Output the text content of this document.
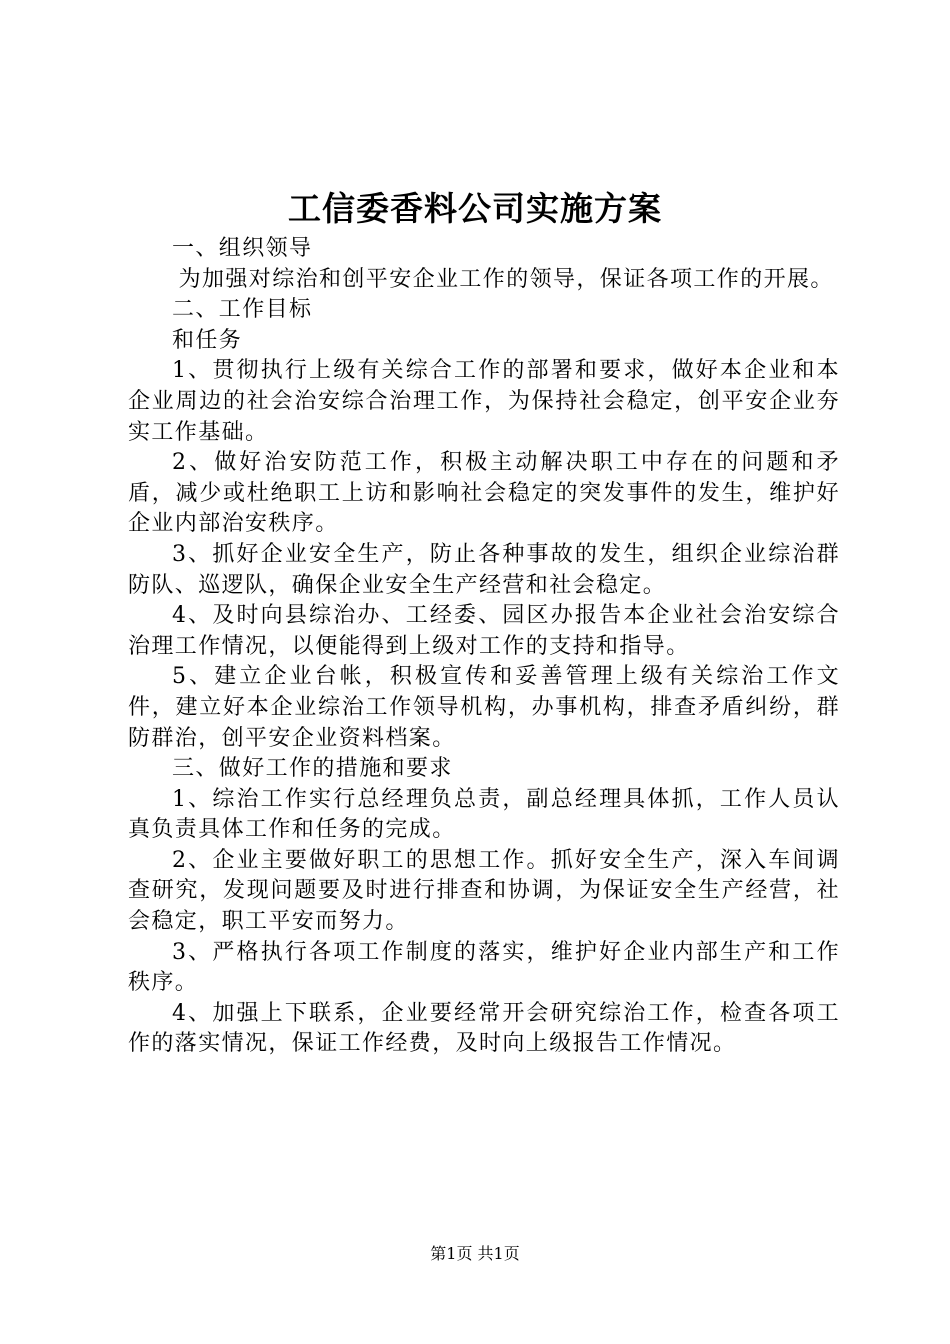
工信委香料公司实施方案

一、组织领导

为加强对综治和创平安企业工作的领导，保证各项工作的开展。

二、工作目标

和任务

1、贯彻执行上级有关综合工作的部署和要求，做好本企业和本企业周边的社会治安综合治理工作，为保持社会稳定，创平安企业夯实工作基础。

2、做好治安防范工作，积极主动解决职工中存在的问题和矛盾，减少或杜绝职工上访和影响社会稳定的突发事件的发生，维护好企业内部治安秩序。

3、抓好企业安全生产，防止各种事故的发生，组织企业综治群防队、巡逻队，确保企业安全生产经营和社会稳定。

4、及时向县综治办、工经委、园区办报告本企业社会治安综合治理工作情况，以便能得到上级对工作的支持和指导。

5、建立企业台帐，积极宣传和妥善管理上级有关综治工作文件，建立好本企业综治工作领导机构，办事机构，排查矛盾纠纷，群防群治，创平安企业资料档案。

三、做好工作的措施和要求

1、综治工作实行总经理负总责，副总经理具体抓，工作人员认真负责具体工作和任务的完成。

2、企业主要做好职工的思想工作。抓好安全生产，深入车间调查研究，发现问题要及时进行排查和协调，为保证安全生产经营，社会稳定，职工平安而努力。

3、严格执行各项工作制度的落实，维护好企业内部生产和工作秩序。

4、加强上下联系，企业要经常开会研究综治工作，检查各项工作的落实情况，保证工作经费，及时向上级报告工作情况。

第1页 共1页
